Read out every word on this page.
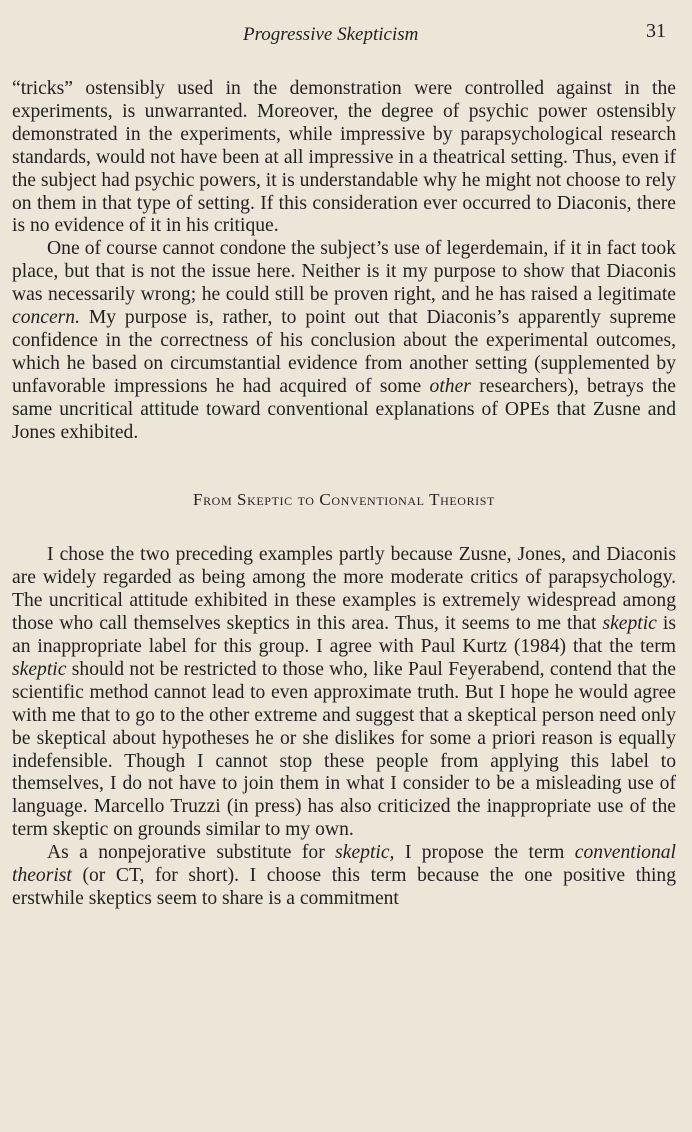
Progressive Skepticism	31

“tricks” ostensibly used in the demonstration were controlled against in the experiments, is unwarranted. Moreover, the degree of psychic power ostensibly demonstrated in the experiments, while impressive by parapsychological research standards, would not have been at all impressive in a theatrical setting. Thus, even if the subject had psychic powers, it is understandable why he might not choose to rely on them in that type of setting. If this consideration ever occurred to Diaconis, there is no evidence of it in his critique.

One of course cannot condone the subject’s use of legerdemain, if it in fact took place, but that is not the issue here. Neither is it my purpose to show that Diaconis was necessarily wrong; he could still be proven right, and he has raised a legitimate concern. My purpose is, rather, to point out that Diaconis’s apparently supreme confidence in the correctness of his conclusion about the experimental outcomes, which he based on circumstantial evidence from another setting (supplemented by unfavorable impressions he had acquired of some other researchers), betrays the same uncritical attitude toward conventional explanations of OPEs that Zusne and Jones exhibited.

From Skeptic to Conventional Theorist

I chose the two preceding examples partly because Zusne, Jones, and Diaconis are widely regarded as being among the more moderate critics of parapsychology. The uncritical attitude exhibited in these examples is extremely widespread among those who call themselves skeptics in this area. Thus, it seems to me that skeptic is an inappropriate label for this group. I agree with Paul Kurtz (1984) that the term skeptic should not be restricted to those who, like Paul Feyerabend, contend that the scientific method cannot lead to even approximate truth. But I hope he would agree with me that to go to the other extreme and suggest that a skeptical person need only be skeptical about hypotheses he or she dislikes for some a priori reason is equally indefensible. Though I cannot stop these people from applying this label to themselves, I do not have to join them in what I consider to be a misleading use of language. Marcello Truzzi (in press) has also criticized the inappropriate use of the term skeptic on grounds similar to my own.

As a nonpejorative substitute for skeptic, I propose the term conventional theorist (or CT, for short). I choose this term because the one positive thing erstwhile skeptics seem to share is a commitment
